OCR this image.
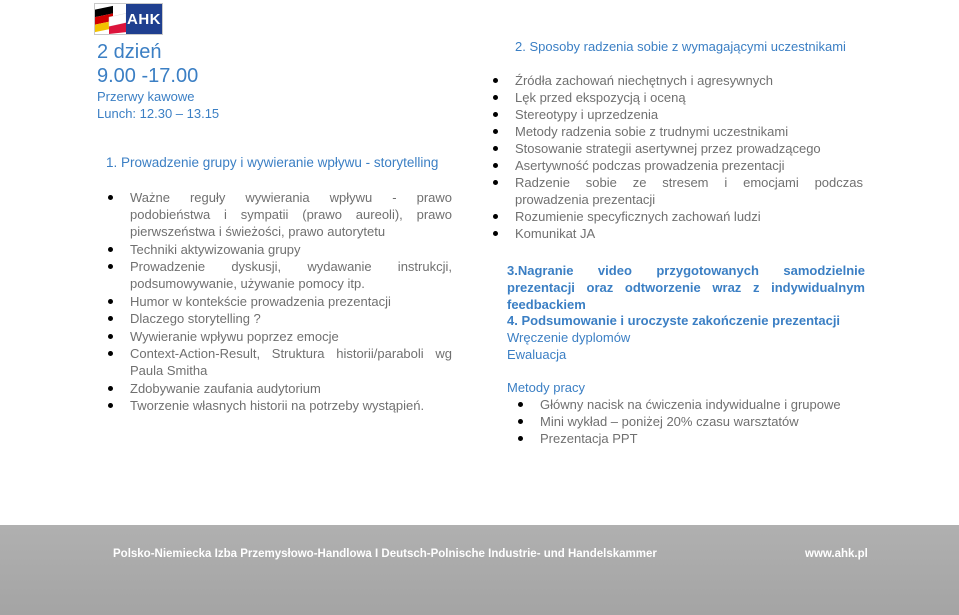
AHK
2 dzień
9.00 -17.00
Przerwy kawowe
Lunch: 12.30 – 13.15
1. Prowadzenie grupy i wywieranie wpływu - storytelling
Ważne reguły wywierania wpływu - prawo podobieństwa i sympatii (prawo aureoli), prawo pierwszeństwa i świeżości, prawo autorytetu
Techniki aktywizowania grupy
Prowadzenie dyskusji, wydawanie instrukcji, podsumowywanie, używanie pomocy itp.
Humor w kontekście prowadzenia prezentacji
Dlaczego storytelling ?
Wywieranie wpływu poprzez emocje
Context-Action-Result, Struktura historii/paraboli wg Paula Smitha
Zdobywanie zaufania audytorium
Tworzenie własnych historii na potrzeby wystąpień.
2. Sposoby radzenia sobie z wymagającymi uczestnikami
Źródła zachowań niechętnych i agresywnych
Lęk przed ekspozycją i oceną
Stereotypy i uprzedzenia
Metody radzenia sobie z trudnymi uczestnikami
Stosowanie strategii asertywnej przez prowadzącego
Asertywność podczas prowadzenia prezentacji
Radzenie sobie ze stresem i emocjami podczas prowadzenia prezentacji
Rozumienie specyficznych zachowań ludzi
Komunikat JA
3.Nagranie video przygotowanych samodzielnie prezentacji oraz odtworzenie wraz z indywidualnym feedbackiem
4. Podsumowanie i uroczyste zakończenie prezentacji
Wręczenie dyplomów
Ewaluacja
Metody pracy
Główny nacisk na ćwiczenia indywidualne i grupowe
Mini wykład – poniżej 20% czasu warsztatów
Prezentacja PPT
Polsko-Niemiecka Izba Przemysłowo-Handlowa I Deutsch-Polnische Industrie- und Handelskammer	www.ahk.pl
